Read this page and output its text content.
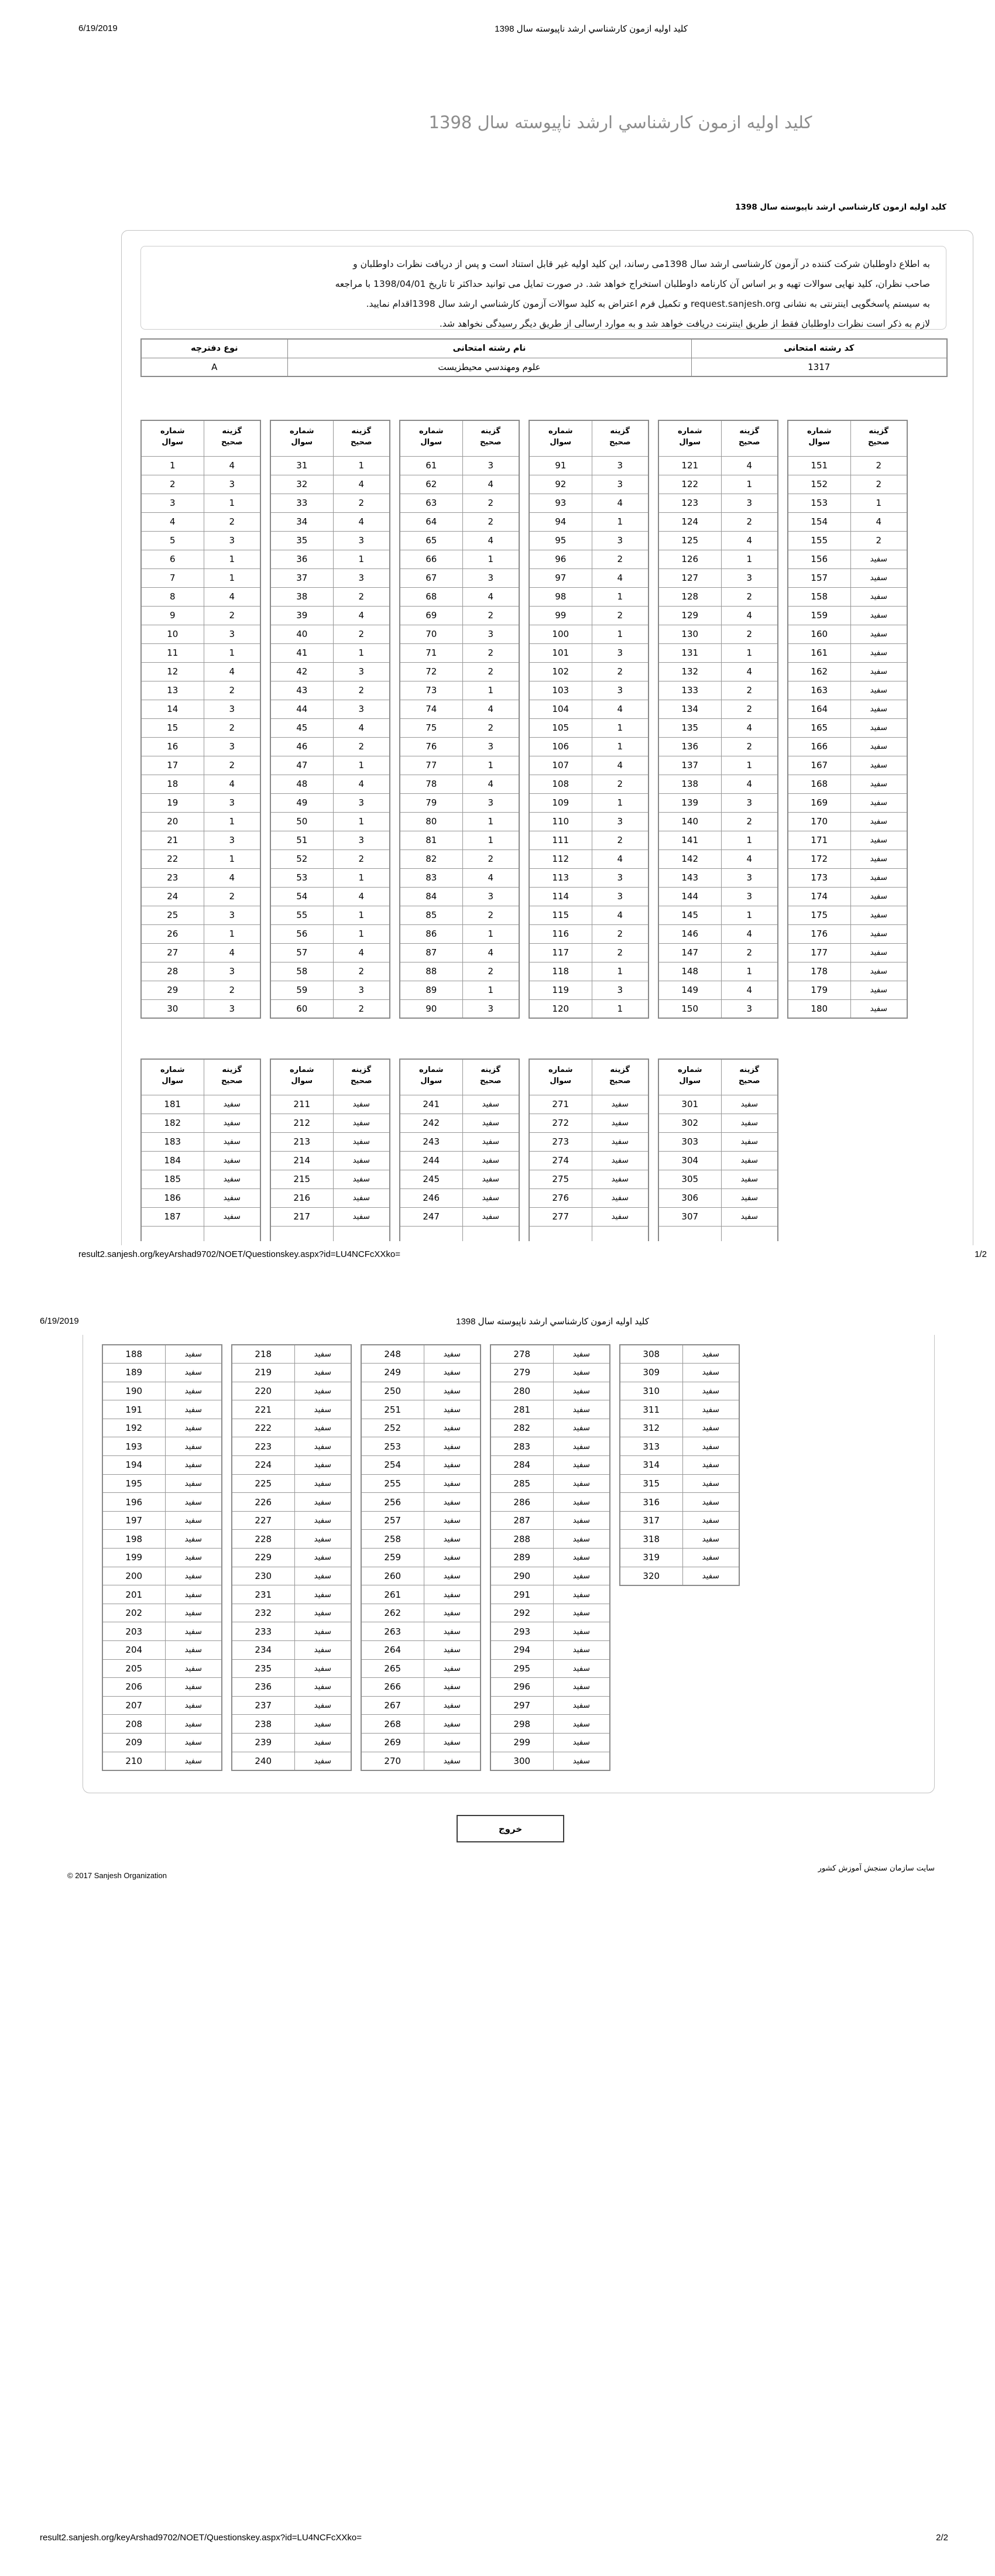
6/19/2019	کلید اولیه ازمون کارشناسي ارشد ناپیوسته سال 1398
کلید اولیه ازمون کارشناسي ارشد ناپیوسته سال 1398
کلید اولیه ازمون کارشناسي ارشد ناپیوسته سال 1398
به اطلاع داوطلبان شرکت کننده در آزمون کارشناسی ارشد سال 1398می رساند، این کلید اولیه غیر قابل استناد است و پس از دریافت نظرات داوطلبان و
صاحب نظران، کلید نهایی سوالات تهیه و بر اساس آن کارنامه داوطلبان استخراج خواهد شد. در صورت تمایل می توانید حداکثر تا تاریخ 1398/04/01 با مراجعه
به سیستم پاسخگویی اینترنتی به نشانی request.sanjesh.org و تکمیل فرم اعتراض به کلید سوالات آزمون کارشناسي ارشد سال 1398اقدام نمایید.
لازم به ذکر است نظرات داوطلبان فقط از طریق اینترنت دریافت خواهد شد و به موارد ارسالی از طریق دیگر رسیدگی نخواهد شد.
نوع دفترچه	نام رشته امتحانی	کد رشته امتحانی
A	علوم ومهندسي محیطزیست	1317
شماره
سوال

گزینه
صحیح

1	4
2	3
3	1
4	2
5	3
6	1
7	1
8	4
9	2
10	3
11	1
12	4
13	2
14	3
15	2
16	3
17	2
18	4
19	3
20	1
21	3
22	1
23	4
24	2
25	3
26	1
27	4
28	3
29	2
30	3
شماره
سوال

گزینه
صحیح

31	1
32	4
33	2
34	4
35	3
36	1
37	3
38	2
39	4
40	2
41	1
42	3
43	2
44	3
45	4
46	2
47	1
48	4
49	3
50	1
51	3
52	2
53	1
54	4
55	1
56	1
57	4
58	2
59	3
60	2
شماره
سوال

گزینه
صحیح

61	3
62	4
63	2
64	2
65	4
66	1
67	3
68	4
69	2
70	3
71	2
72	2
73	1
74	4
75	2
76	3
77	1
78	4
79	3
80	1
81	1
82	2
83	4
84	3
85	2
86	1
87	4
88	2
89	1
90	3
شماره
سوال

گزینه
صحیح

91	3
92	3
93	4
94	1
95	3
96	2
97	4
98	1
99	2
100	1
101	3
102	2
103	3
104	4
105	1
106	1
107	4
108	2
109	1
110	3
111	2
112	4
113	3
114	3
115	4
116	2
117	2
118	1
119	3
120	1
شماره
سوال

گزینه
صحیح

121	4
122	1
123	3
124	2
125	4
126	1
127	3
128	2
129	4
130	2
131	1
132	4
133	2
134	2
135	4
136	2
137	1
138	4
139	3
140	2
141	1
142	4
143	3
144	3
145	1
146	4
147	2
148	1
149	4
150	3
شماره
سوال

گزینه
صحیح

151	2
152	2
153	1
154	4
155	2
156	سفید
157	سفید
158	سفید
159	سفید
160	سفید
161	سفید
162	سفید
163	سفید
164	سفید
165	سفید
166	سفید
167	سفید
168	سفید
169	سفید
170	سفید
171	سفید
172	سفید
173	سفید
174	سفید
175	سفید
176	سفید
177	سفید
178	سفید
179	سفید
180	سفید
شماره
سوال

گزینه
صحیح

181	سفید
182	سفید
183	سفید
184	سفید
185	سفید
186	سفید
187	سفید

شماره
سوال

گزینه
صحیح

211	سفید
212	سفید
213	سفید
214	سفید
215	سفید
216	سفید
217	سفید

شماره
سوال

گزینه
صحیح

241	سفید
242	سفید
243	سفید
244	سفید
245	سفید
246	سفید
247	سفید

شماره
سوال

گزینه
صحیح

271	سفید
272	سفید
273	سفید
274	سفید
275	سفید
276	سفید
277	سفید

شماره
سوال

گزینه
صحیح

301	سفید
302	سفید
303	سفید
304	سفید
305	سفید
306	سفید
307	سفید

result2.sanjesh.org/keyArshad9702/NOET/Questionskey.aspx?id=LU4NCFcXXko=	1/2
6/19/2019	کلید اولیه ازمون کارشناسي ارشد ناپیوسته سال 1398
188	سفید
189	سفید
190	سفید
191	سفید
192	سفید
193	سفید
194	سفید
195	سفید
196	سفید
197	سفید
198	سفید
199	سفید
200	سفید
201	سفید
202	سفید
203	سفید
204	سفید
205	سفید
206	سفید
207	سفید
208	سفید
209	سفید
210	سفید
218	سفید
219	سفید
220	سفید
221	سفید
222	سفید
223	سفید
224	سفید
225	سفید
226	سفید
227	سفید
228	سفید
229	سفید
230	سفید
231	سفید
232	سفید
233	سفید
234	سفید
235	سفید
236	سفید
237	سفید
238	سفید
239	سفید
240	سفید
248	سفید
249	سفید
250	سفید
251	سفید
252	سفید
253	سفید
254	سفید
255	سفید
256	سفید
257	سفید
258	سفید
259	سفید
260	سفید
261	سفید
262	سفید
263	سفید
264	سفید
265	سفید
266	سفید
267	سفید
268	سفید
269	سفید
270	سفید
278	سفید
279	سفید
280	سفید
281	سفید
282	سفید
283	سفید
284	سفید
285	سفید
286	سفید
287	سفید
288	سفید
289	سفید
290	سفید
291	سفید
292	سفید
293	سفید
294	سفید
295	سفید
296	سفید
297	سفید
298	سفید
299	سفید
300	سفید
308	سفید
309	سفید
310	سفید
311	سفید
312	سفید
313	سفید
314	سفید
315	سفید
316	سفید
317	سفید
318	سفید
319	سفید
320	سفید
خروج
سایت سازمان سنجش آموزش کشور
© 2017 Sanjesh Organization
result2.sanjesh.org/keyArshad9702/NOET/Questionskey.aspx?id=LU4NCFcXXko=	2/2
